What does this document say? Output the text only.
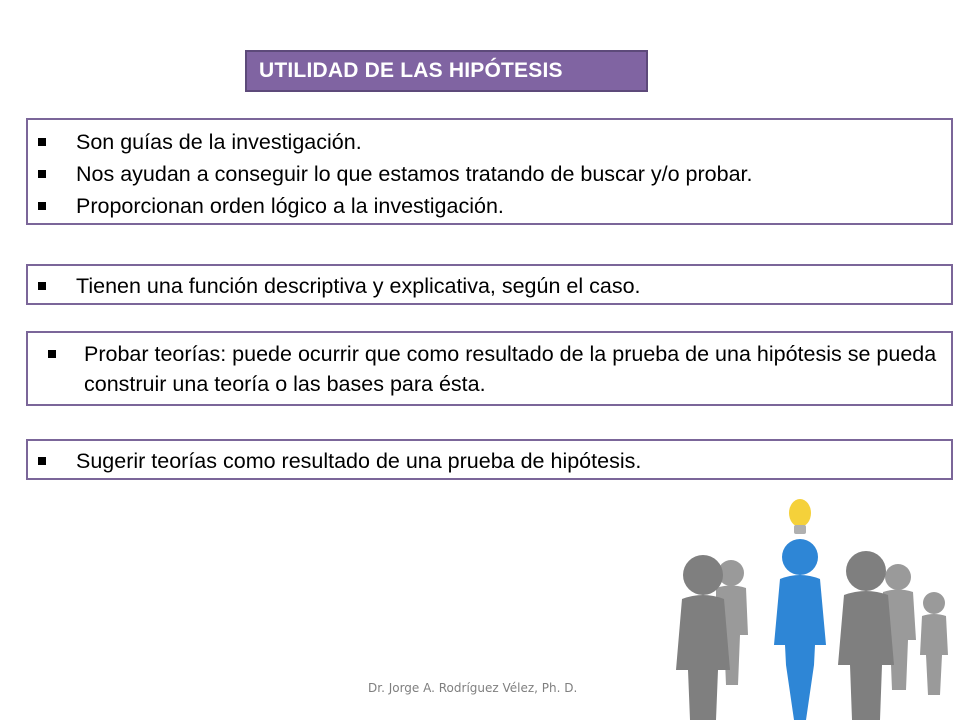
UTILIDAD DE LAS HIPÓTESIS
Son guías de la investigación.
Nos ayudan a conseguir lo que estamos tratando de buscar y/o probar.
Proporcionan orden lógico a la investigación.
Tienen una función descriptiva y explicativa, según el caso.
Probar teorías: puede ocurrir que como resultado de la prueba de una hipótesis se pueda construir una teoría o las bases para ésta.
Sugerir teorías como resultado de una prueba de hipótesis.
Dr. Jorge A. Rodríguez Vélez, Ph. D.
